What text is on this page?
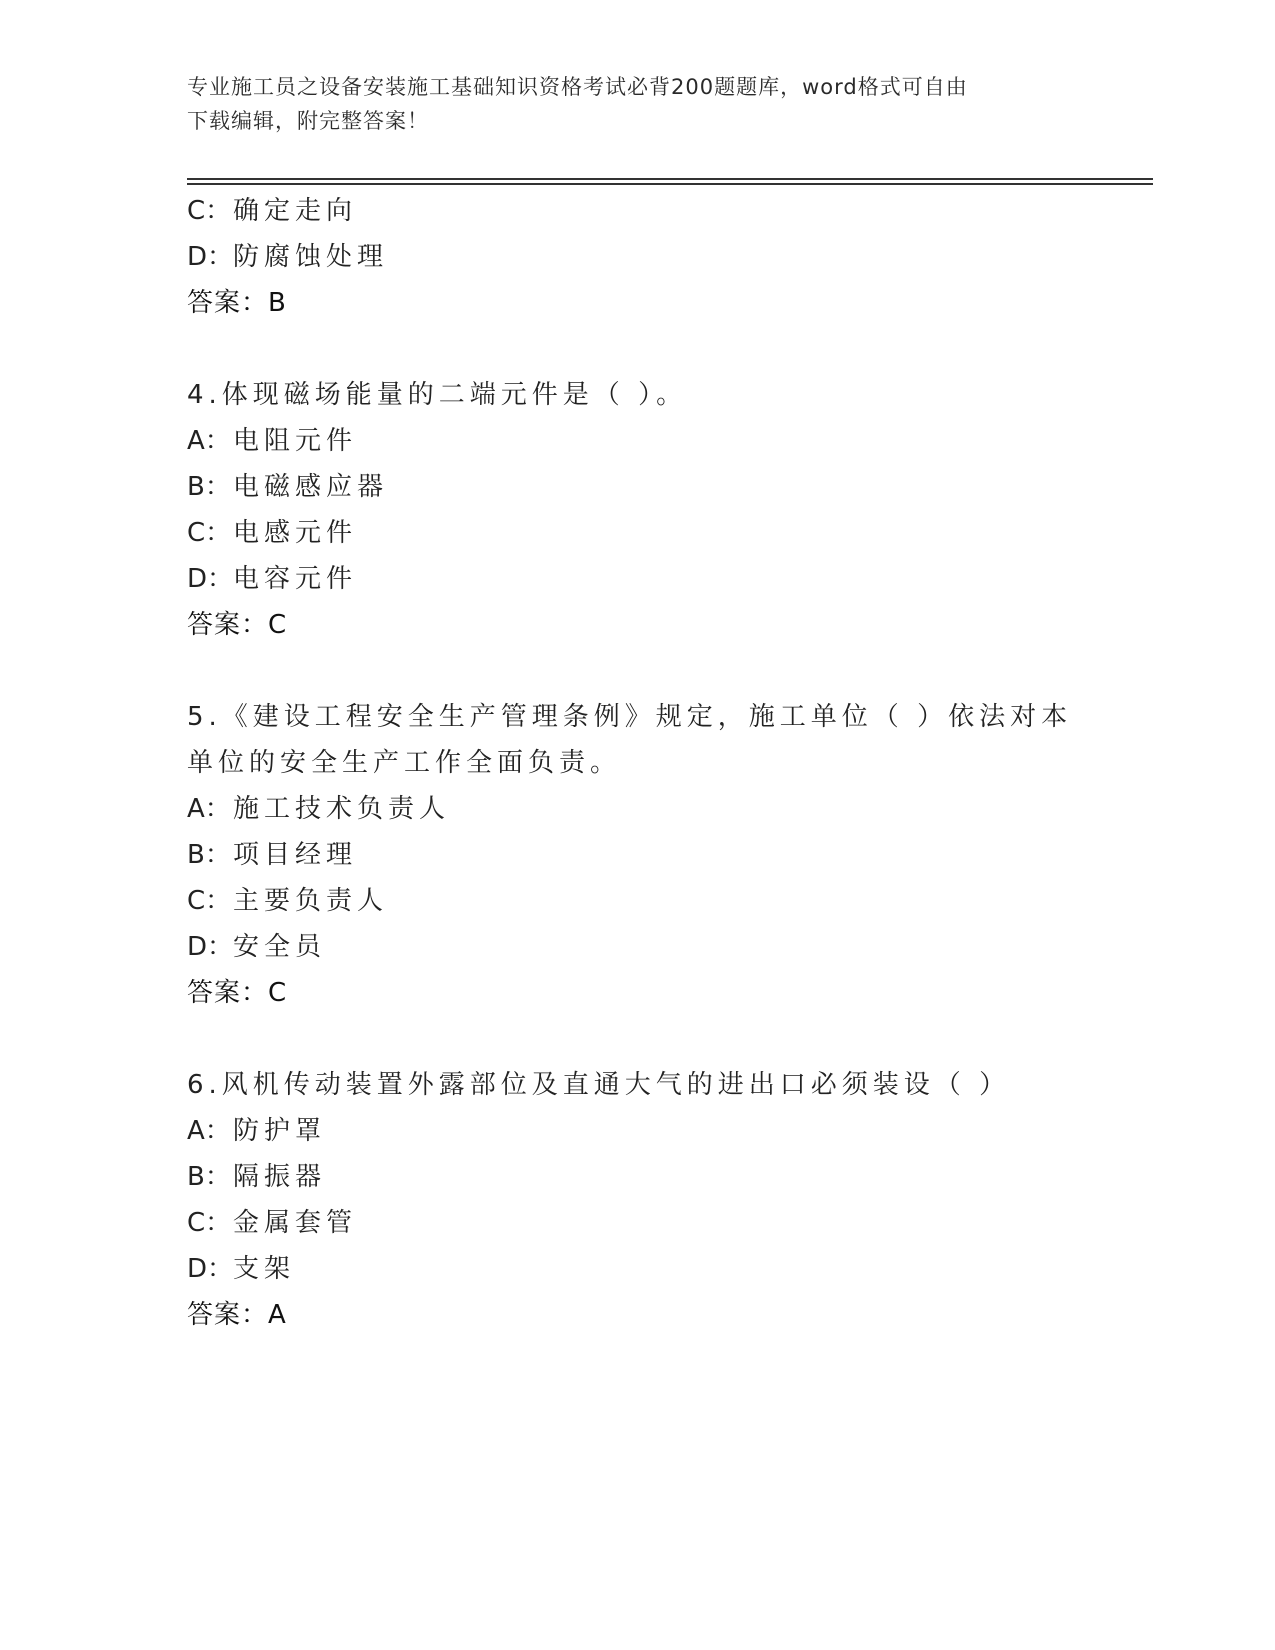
专业施工员之设备安装施工基础知识资格考试必背200题题库，word格式可自由
下载编辑，附完整答案！
C：确定走向
D：防腐蚀处理
答案：B
4.体现磁场能量的二端元件是（ ）。
A：电阻元件
B：电磁感应器
C：电感元件
D：电容元件
答案：C
5.《建设工程安全生产管理条例》规定，施工单位（ ）依法对本单位的安全生产工作全面负责。
A：施工技术负责人
B：项目经理
C：主要负责人
D：安全员
答案：C
6.风机传动装置外露部位及直通大气的进出口必须装设（ ）
A：防护罩
B：隔振器
C：金属套管
D：支架
答案：A
